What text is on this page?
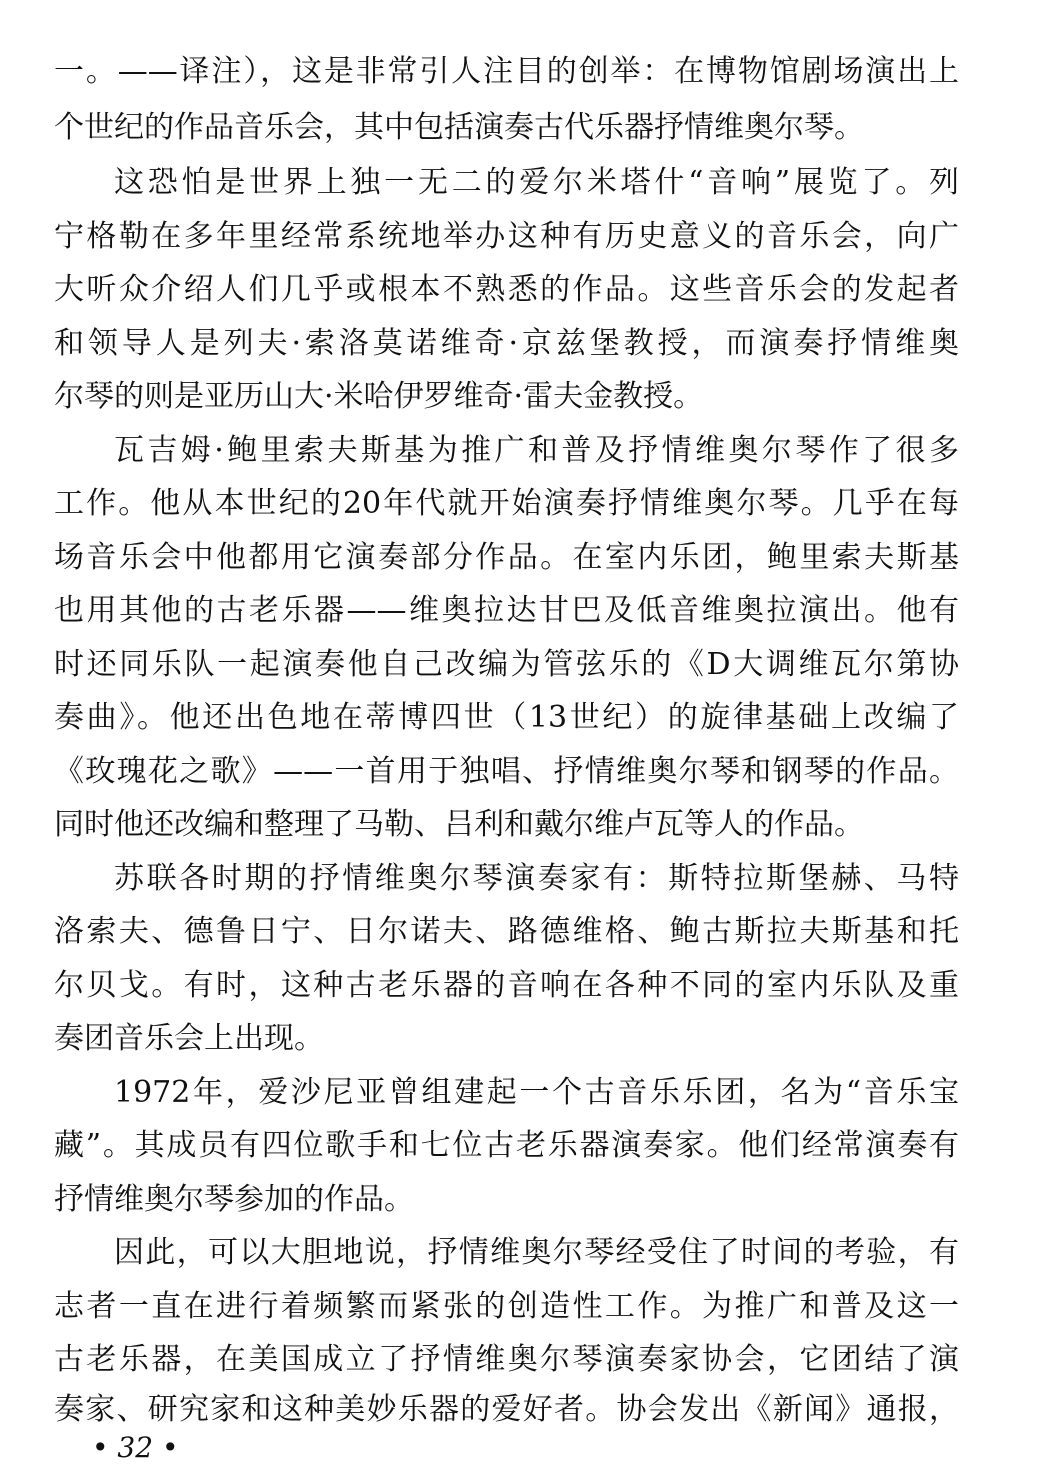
一。——译注），这是非常引人注目的创举：在博物馆剧场演出上
个世纪的作品音乐会，其中包括演奏古代乐器抒情维奥尔琴。
这恐怕是世界上独一无二的爱尔米塔什“音响”展览了。列
宁格勒在多年里经常系统地举办这种有历史意义的音乐会，向广
大听众介绍人们几乎或根本不熟悉的作品。这些音乐会的发起者
和领导人是列夫·索洛莫诺维奇·京兹堡教授，而演奏抒情维奥
尔琴的则是亚历山大·米哈伊罗维奇·雷夫金教授。
瓦吉姆·鲍里索夫斯基为推广和普及抒情维奥尔琴作了很多
工作。他从本世纪的20年代就开始演奏抒情维奥尔琴。几乎在每
场音乐会中他都用它演奏部分作品。在室内乐团，鲍里索夫斯基
也用其他的古老乐器——维奥拉达甘巴及低音维奥拉演出。他有
时还同乐队一起演奏他自己改编为管弦乐的《D大调维瓦尔第协
奏曲》。他还出色地在蒂博四世（13世纪）的旋律基础上改编了
《玫瑰花之歌》——一首用于独唱、抒情维奥尔琴和钢琴的作品。
同时他还改编和整理了马勒、吕利和戴尔维卢瓦等人的作品。
苏联各时期的抒情维奥尔琴演奏家有：斯特拉斯堡赫、马特
洛索夫、德鲁日宁、日尔诺夫、路德维格、鲍古斯拉夫斯基和托
尔贝戈。有时，这种古老乐器的音响在各种不同的室内乐队及重
奏团音乐会上出现。
1972年，爱沙尼亚曾组建起一个古音乐乐团，名为“音乐宝
藏”。其成员有四位歌手和七位古老乐器演奏家。他们经常演奏有
抒情维奥尔琴参加的作品。
因此，可以大胆地说，抒情维奥尔琴经受住了时间的考验，有
志者一直在进行着频繁而紧张的创造性工作。为推广和普及这一
古老乐器，在美国成立了抒情维奥尔琴演奏家协会，它团结了演
奏家、研究家和这种美妙乐器的爱好者。协会发出《新闻》通报，
• 32 •
